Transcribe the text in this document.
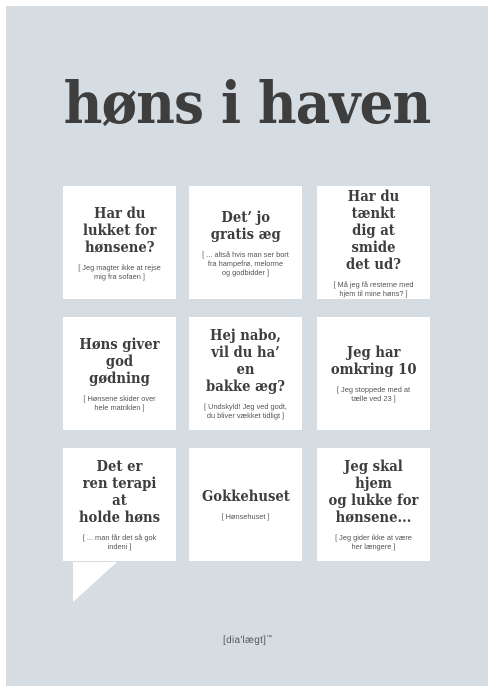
høns i haven
Har du
lukket for
hønsene?
[ Jeg magter ikke at rejse
mig fra sofaen ]
Det’ jo
gratis æg
[ ... altså hvis man ser bort
fra hampefrø, melorme
og godbidder ]
Har du tænkt
dig at smide
det ud?
[ Må jeg få resterne med
hjem til mine høns? ]
Høns giver
god gødning
[ Hønsene skider over
hele matriklen ]
Hej nabo,
vil du ha’ en
bakke æg?
[ Undskyld! Jeg ved godt,
du bliver vækket tidligt ]
Jeg har
omkring 10
[ Jeg stoppede med at
tælle ved 23 ]
Det er
ren terapi at
holde høns
[ ... man får det så gok
indeni ]
Gokkehuset
[ Hønsehuset ]
Jeg skal hjem
og lukke for
hønsene...
[ Jeg gider ikke at være
her længere ]
[dia'lægt]™
